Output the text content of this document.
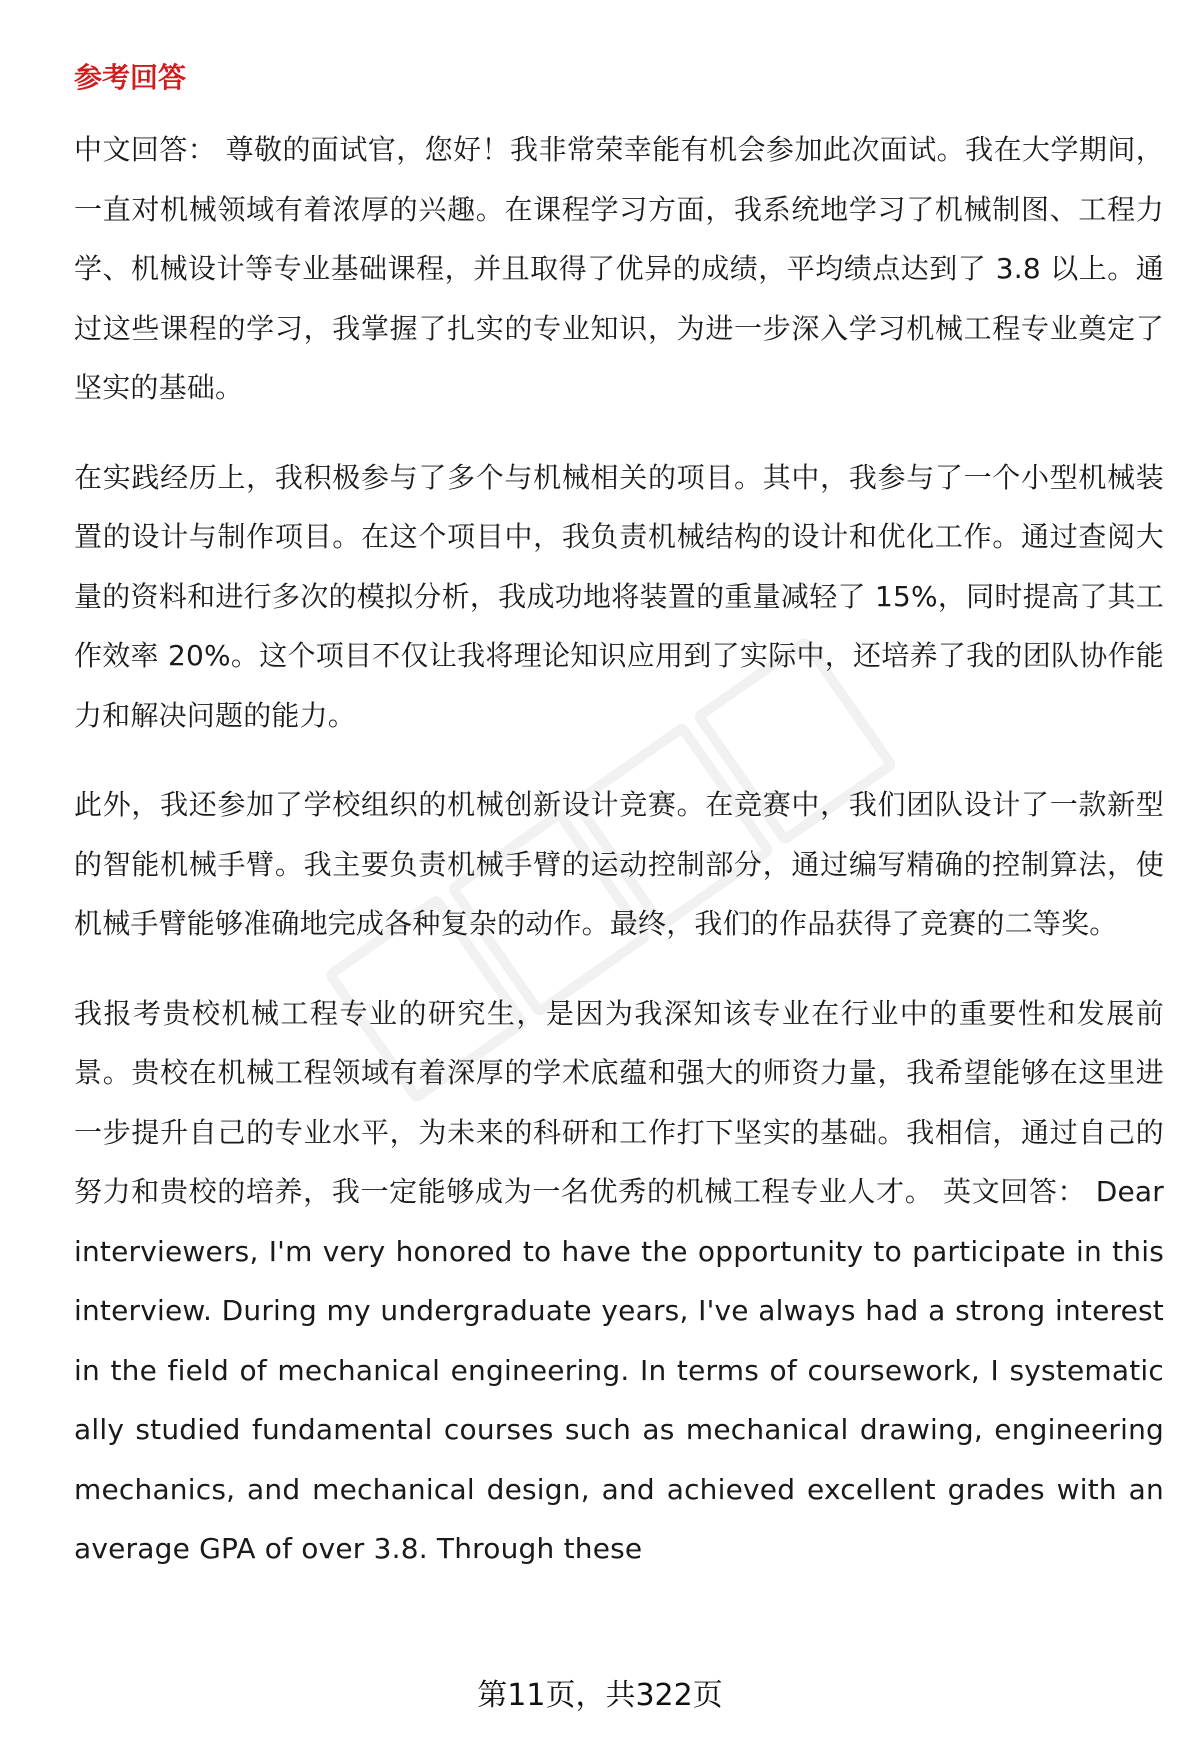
参考回答

中文回答： 尊敬的面试官，您好！我非常荣幸能有机会参加此次面试。我在大学期间，一直对机械领域有着浓厚的兴趣。在课程学习方面，我系统地学习了机械制图、工程力学、机械设计等专业基础课程，并且取得了优异的成绩，平均绩点达到了 3.8 以上。通过这些课程的学习，我掌握了扎实的专业知识，为进一步深入学习机械工程专业奠定了坚实的基础。

在实践经历上，我积极参与了多个与机械相关的项目。其中，我参与了一个小型机械装置的设计与制作项目。在这个项目中，我负责机械结构的设计和优化工作。通过查阅大量的资料和进行多次的模拟分析，我成功地将装置的重量减轻了 15%，同时提高了其工作效率 20%。这个项目不仅让我将理论知识应用到了实际中，还培养了我的团队协作能力和解决问题的能力。

此外，我还参加了学校组织的机械创新设计竞赛。在竞赛中，我们团队设计了一款新型的智能机械手臂。我主要负责机械手臂的运动控制部分，通过编写精确的控制算法，使机械手臂能够准确地完成各种复杂的动作。最终，我们的作品获得了竞赛的二等奖。

我报考贵校机械工程专业的研究生，是因为我深知该专业在行业中的重要性和发展前景。贵校在机械工程领域有着深厚的学术底蕴和强大的师资力量，我希望能够在这里进一步提升自己的专业水平，为未来的科研和工作打下坚实的基础。我相信，通过自己的努力和贵校的培养，我一定能够成为一名优秀的机械工程专业人才。 英文回答： Dear interviewers, I'm very honored to have the opportunity to participate in this interview. During my undergraduate years, I've always had a strong interest in the field of mechanical engineering. In terms of coursework, I systematically studied fundamental courses such as mechanical drawing, engineering mechanics, and mechanical design, and achieved excellent grades with an average GPA of over 3.8. Through these

第11页，共322页
